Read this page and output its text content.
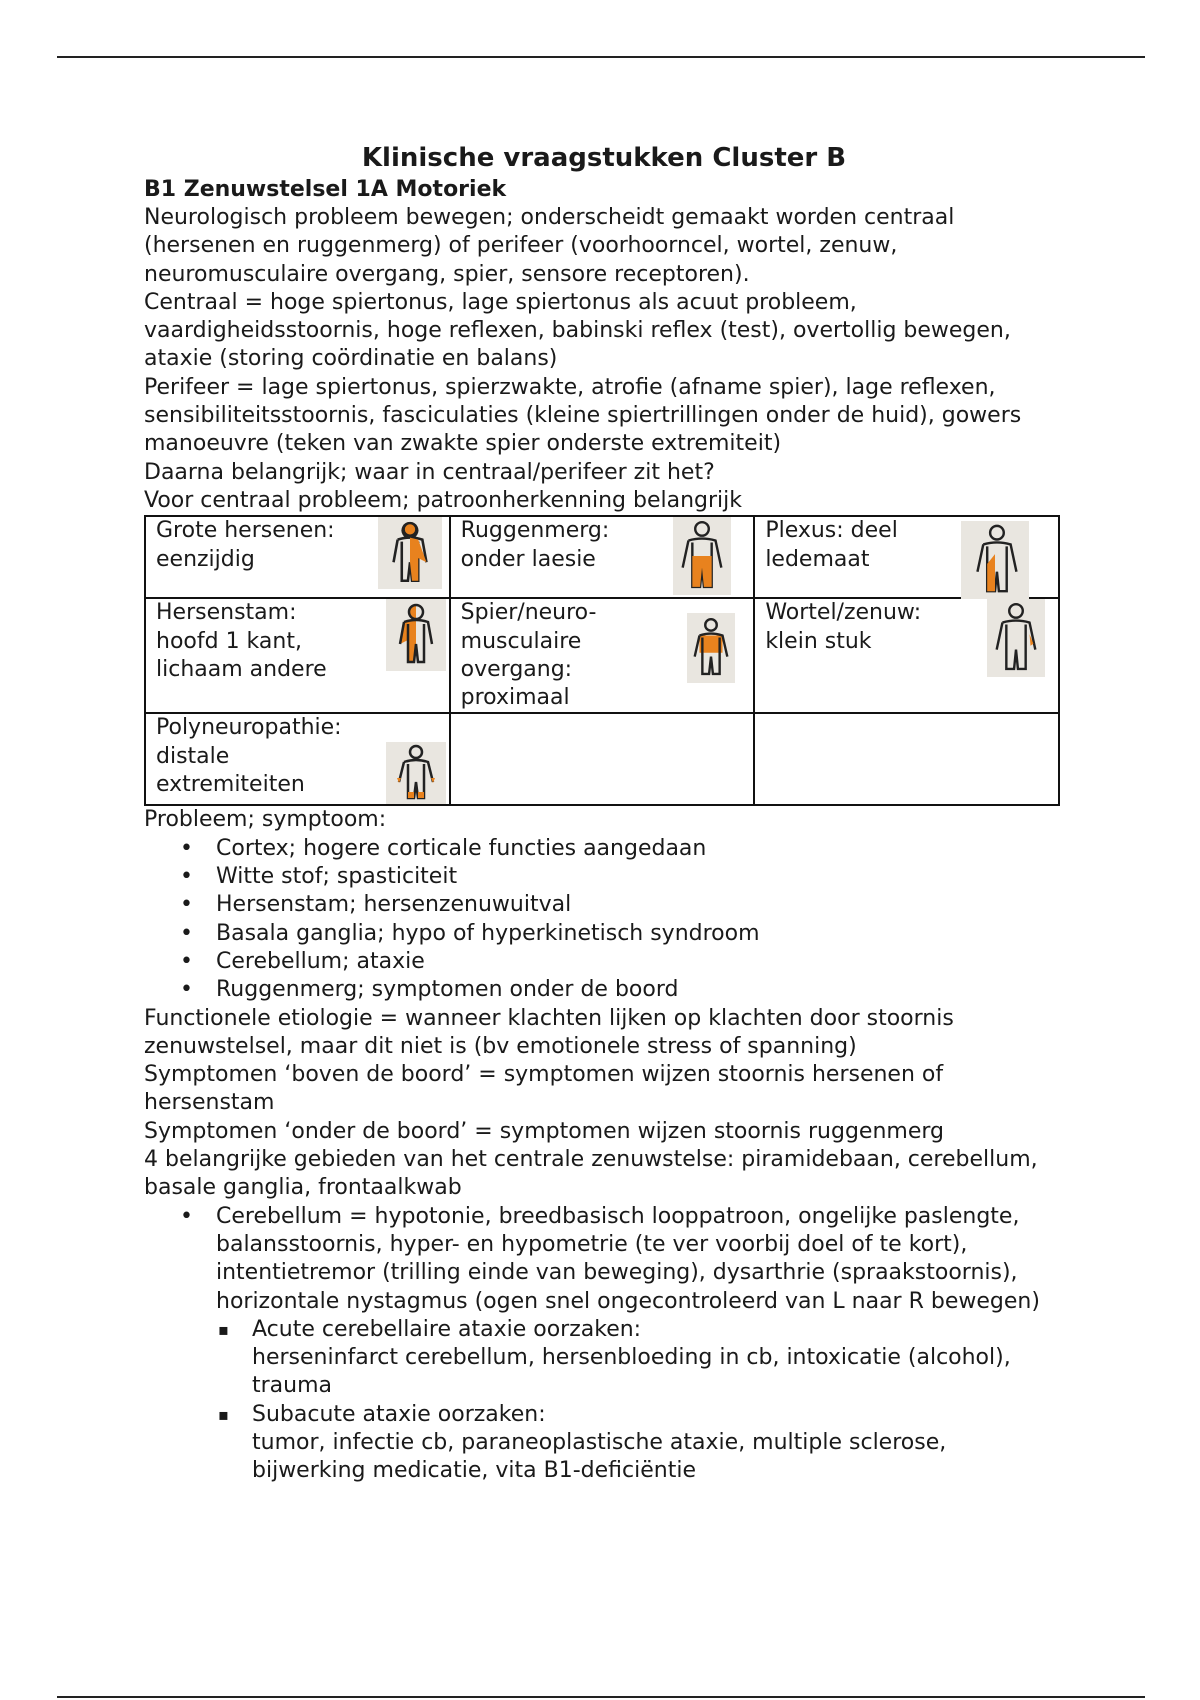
Klinische vraagstukken Cluster B
B1 Zenuwstelsel 1A Motoriek

Neurologisch probleem bewegen; onderscheidt gemaakt worden centraal (hersenen en ruggenmerg) of perifeer (voorhoorncel, wortel, zenuw, neuromusculaire overgang, spier, sensore receptoren).

Centraal = hoge spiertonus, lage spiertonus als acuut probleem, vaardigheidsstoornis, hoge reflexen, babinski reflex (test), overtollig bewegen, ataxie (storing coördinatie en balans)

Perifeer = lage spiertonus, spierzwakte, atrofie (afname spier), lage reflexen, sensibiliteitsstoornis, fasciculaties (kleine spiertrillingen onder de huid), gowers manoeuvre (teken van zwakte spier onderste extremiteit)

Daarna belangrijk; waar in centraal/perifeer zit het?

Voor centraal probleem; patroonherkenning belangrijk

Grote hersenen: eenzijdig	Ruggenmerg: onder laesie	Plexus: deel ledemaat

Hersenstam: hoofd 1 kant, lichaam andere	Spier/neuro-musculaire overgang: proximaal	Wortel/zenuw: klein stuk

Polyneuropathie: distale extremiteiten		

Probleem; symptoom:

• Cortex; hogere corticale functies aangedaan
• Witte stof; spasticiteit
• Hersenstam; hersenzenuwuitval
• Basala ganglia; hypo of hyperkinetisch syndroom
• Cerebellum; ataxie
• Ruggenmerg; symptomen onder de boord

Functionele etiologie = wanneer klachten lijken op klachten door stoornis zenuwstelsel, maar dit niet is (bv emotionele stress of spanning)

Symptomen ‘boven de boord’ = symptomen wijzen stoornis hersenen of hersenstam

Symptomen ‘onder de boord’ = symptomen wijzen stoornis ruggenmerg

4 belangrijke gebieden van het centrale zenuwstelse: piramidebaan, cerebellum, basale ganglia, frontaalkwab

• Cerebellum = hypotonie, breedbasisch looppatroon, ongelijke paslengte, balansstoornis, hyper- en hypometrie (te ver voorbij doel of te kort), intentietremor (trilling einde van beweging), dysarthrie (spraakstoornis), horizontale nystagmus (ogen snel ongecontroleerd van L naar R bewegen)
▪ Acute cerebellaire ataxie oorzaken:
herseninfarct cerebellum, hersenbloeding in cb, intoxicatie (alcohol), trauma
▪ Subacute ataxie oorzaken:
tumor, infectie cb, paraneoplastische ataxie, multiple sclerose, bijwerking medicatie, vita B1-deficiëntie
